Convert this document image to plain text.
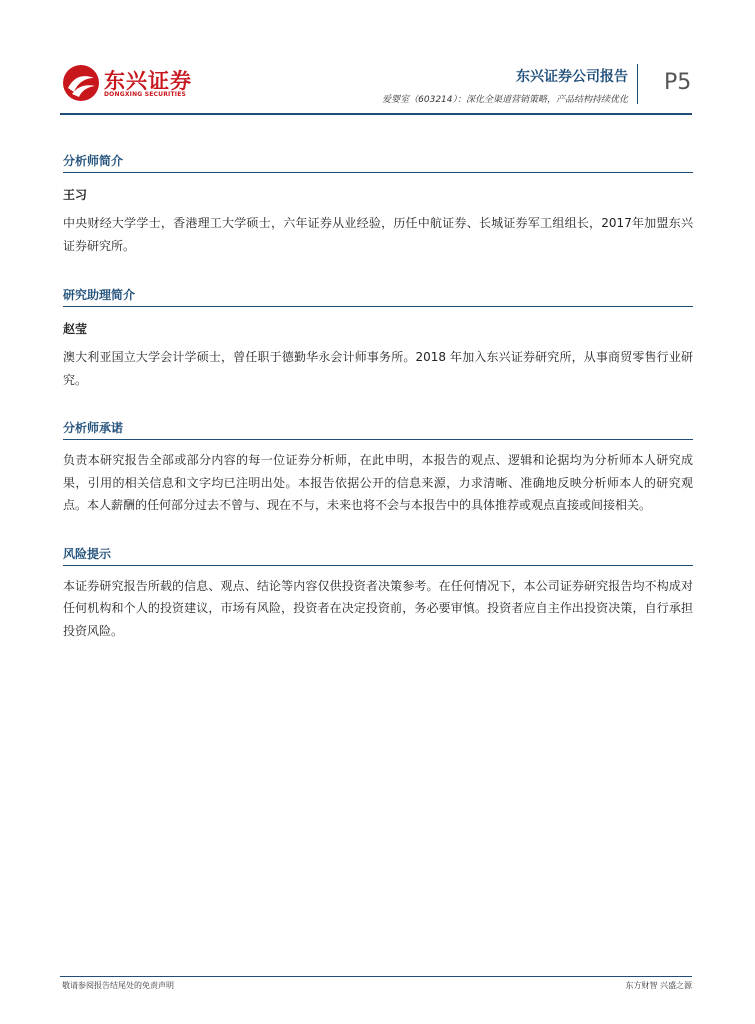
东兴证券
DONGXING SECURITIES
东兴证券公司报告
爱婴室（603214）：深化全渠道营销策略，产品结构持续优化
P5
分析师简介
王习
中央财经大学学士，香港理工大学硕士，六年证券从业经验，历任中航证券、长城证券军工组组长，2017年加盟东兴证券研究所。
研究助理简介
赵莹
澳大利亚国立大学会计学硕士，曾任职于德勤华永会计师事务所。2018 年加入东兴证券研究所，从事商贸零售行业研究。
分析师承诺
负责本研究报告全部或部分内容的每一位证券分析师，在此申明，本报告的观点、逻辑和论据均为分析师本人研究成果，引用的相关信息和文字均已注明出处。本报告依据公开的信息来源，力求清晰、准确地反映分析师本人的研究观点。本人薪酬的任何部分过去不曾与、现在不与，未来也将不会与本报告中的具体推荐或观点直接或间接相关。
风险提示
本证券研究报告所载的信息、观点、结论等内容仅供投资者决策参考。在任何情况下，本公司证券研究报告均不构成对任何机构和个人的投资建议，市场有风险，投资者在决定投资前，务必要审慎。投资者应自主作出投资决策，自行承担投资风险。
敬请参阅报告结尾处的免责声明	东方财智 兴盛之源
